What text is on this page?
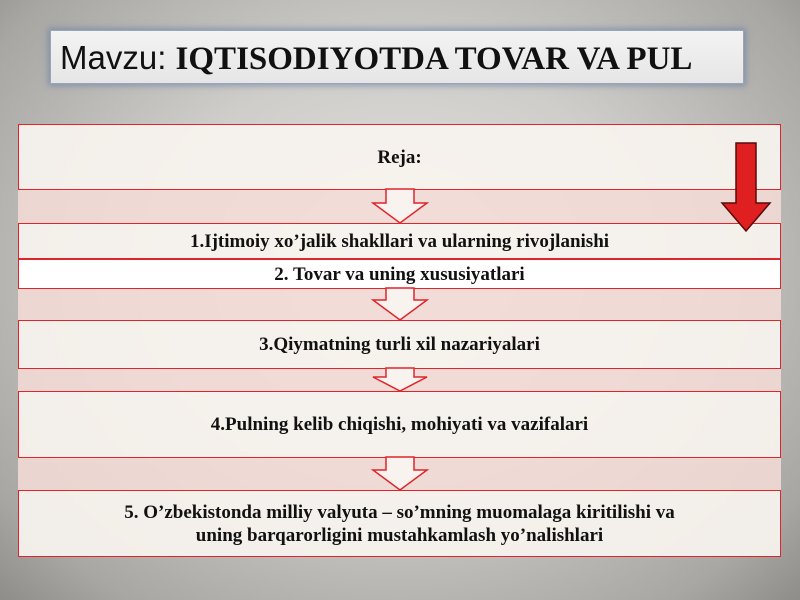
Mavzu: IQTISODIYOTDA TOVAR VA PUL
Reja:
1.Ijtimoiy xo’jalik shakllari va ularning rivojlanishi
2. Tovar va uning xususiyatlari
3.Qiymatning turli xil nazariyalari
4.Pulning kelib chiqishi, mohiyati va vazifalari
5. O’zbekistonda milliy valyuta – so’mning muomalaga kiritilishi va uning barqarorligini mustahkamlash yo’nalishlari
